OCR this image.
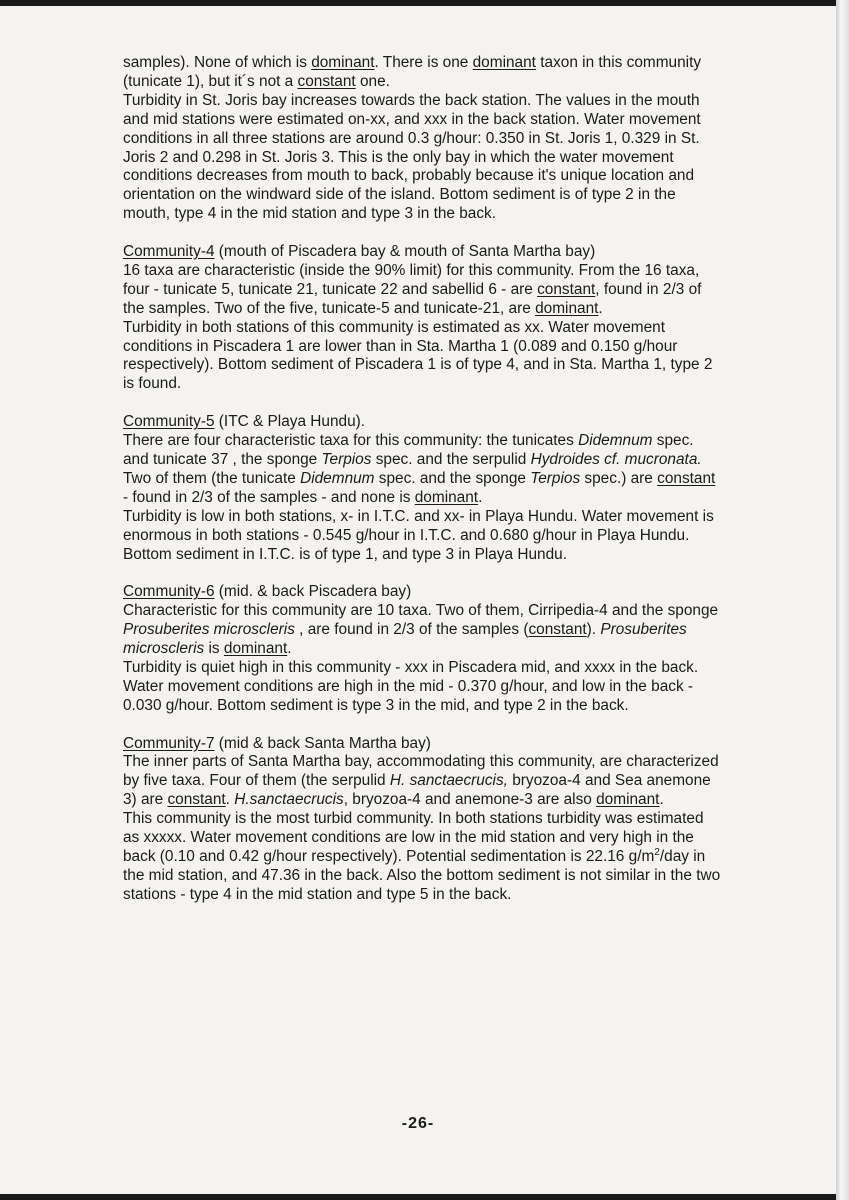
samples). None of which is dominant. There is one dominant taxon in this community (tunicate 1), but it´s not a constant one.
Turbidity in St. Joris bay increases towards the back station. The values in the mouth and mid stations were estimated on-xx, and xxx in the back station. Water movement conditions in all three stations are around 0.3 g/hour: 0.350 in St. Joris 1, 0.329 in St. Joris 2 and 0.298 in St. Joris 3. This is the only bay in which the water movement conditions decreases from mouth to back, probably because it's unique location and orientation on the windward side of the island. Bottom sediment is of type 2 in the mouth, type 4 in the mid station and type 3 in the back.

Community-4 (mouth of Piscadera bay & mouth of Santa Martha bay)
16 taxa are characteristic (inside the 90% limit) for this community. From the 16 taxa, four - tunicate 5, tunicate 21, tunicate 22 and sabellid 6 - are constant, found in 2/3 of the samples. Two of the five, tunicate-5 and tunicate-21, are dominant.
Turbidity in both stations of this community is estimated as xx. Water movement conditions in Piscadera 1 are lower than in Sta. Martha 1 (0.089 and 0.150 g/hour respectively). Bottom sediment of Piscadera 1 is of type 4, and in Sta. Martha 1, type 2 is found.

Community-5 (ITC & Playa Hundu).
There are four characteristic taxa for this community: the tunicates Didemnum spec. and tunicate 37 , the sponge Terpios spec. and the serpulid Hydroides cf. mucronata. Two of them (the tunicate Didemnum spec. and the sponge Terpios spec.) are constant - found in 2/3 of the samples - and none is dominant.
Turbidity is low in both stations, x- in I.T.C. and xx- in Playa Hundu. Water movement is enormous in both stations - 0.545 g/hour in I.T.C. and 0.680 g/hour in Playa Hundu. Bottom sediment in I.T.C. is of type 1, and type 3 in Playa Hundu.

Community-6 (mid. & back Piscadera bay)
Characteristic for this community are 10 taxa. Two of them, Cirripedia-4 and the sponge Prosuberites microscleris , are found in 2/3 of the samples (constant). Prosuberites microscleris is dominant.
Turbidity is quiet high in this community - xxx in Piscadera mid, and xxxx in the back. Water movement conditions are high in the mid - 0.370 g/hour, and low in the back - 0.030 g/hour. Bottom sediment is type 3 in the mid, and type 2 in the back.

Community-7 (mid & back Santa Martha bay)
The inner parts of Santa Martha bay, accommodating this community, are characterized by five taxa. Four of them (the serpulid H. sanctaecrucis, bryozoa-4 and Sea anemone 3) are constant. H.sanctaecrucis, bryozoa-4 and anemone-3 are also dominant.
This community is the most turbid community. In both stations turbidity was estimated as xxxxx. Water movement conditions are low in the mid station and very high in the back (0.10 and 0.42 g/hour respectively). Potential sedimentation is 22.16 $g/m^2$/day in the mid station, and 47.36 in the back. Also the bottom sediment is not similar in the two stations - type 4 in the mid station and type 5 in the back.

-26-
